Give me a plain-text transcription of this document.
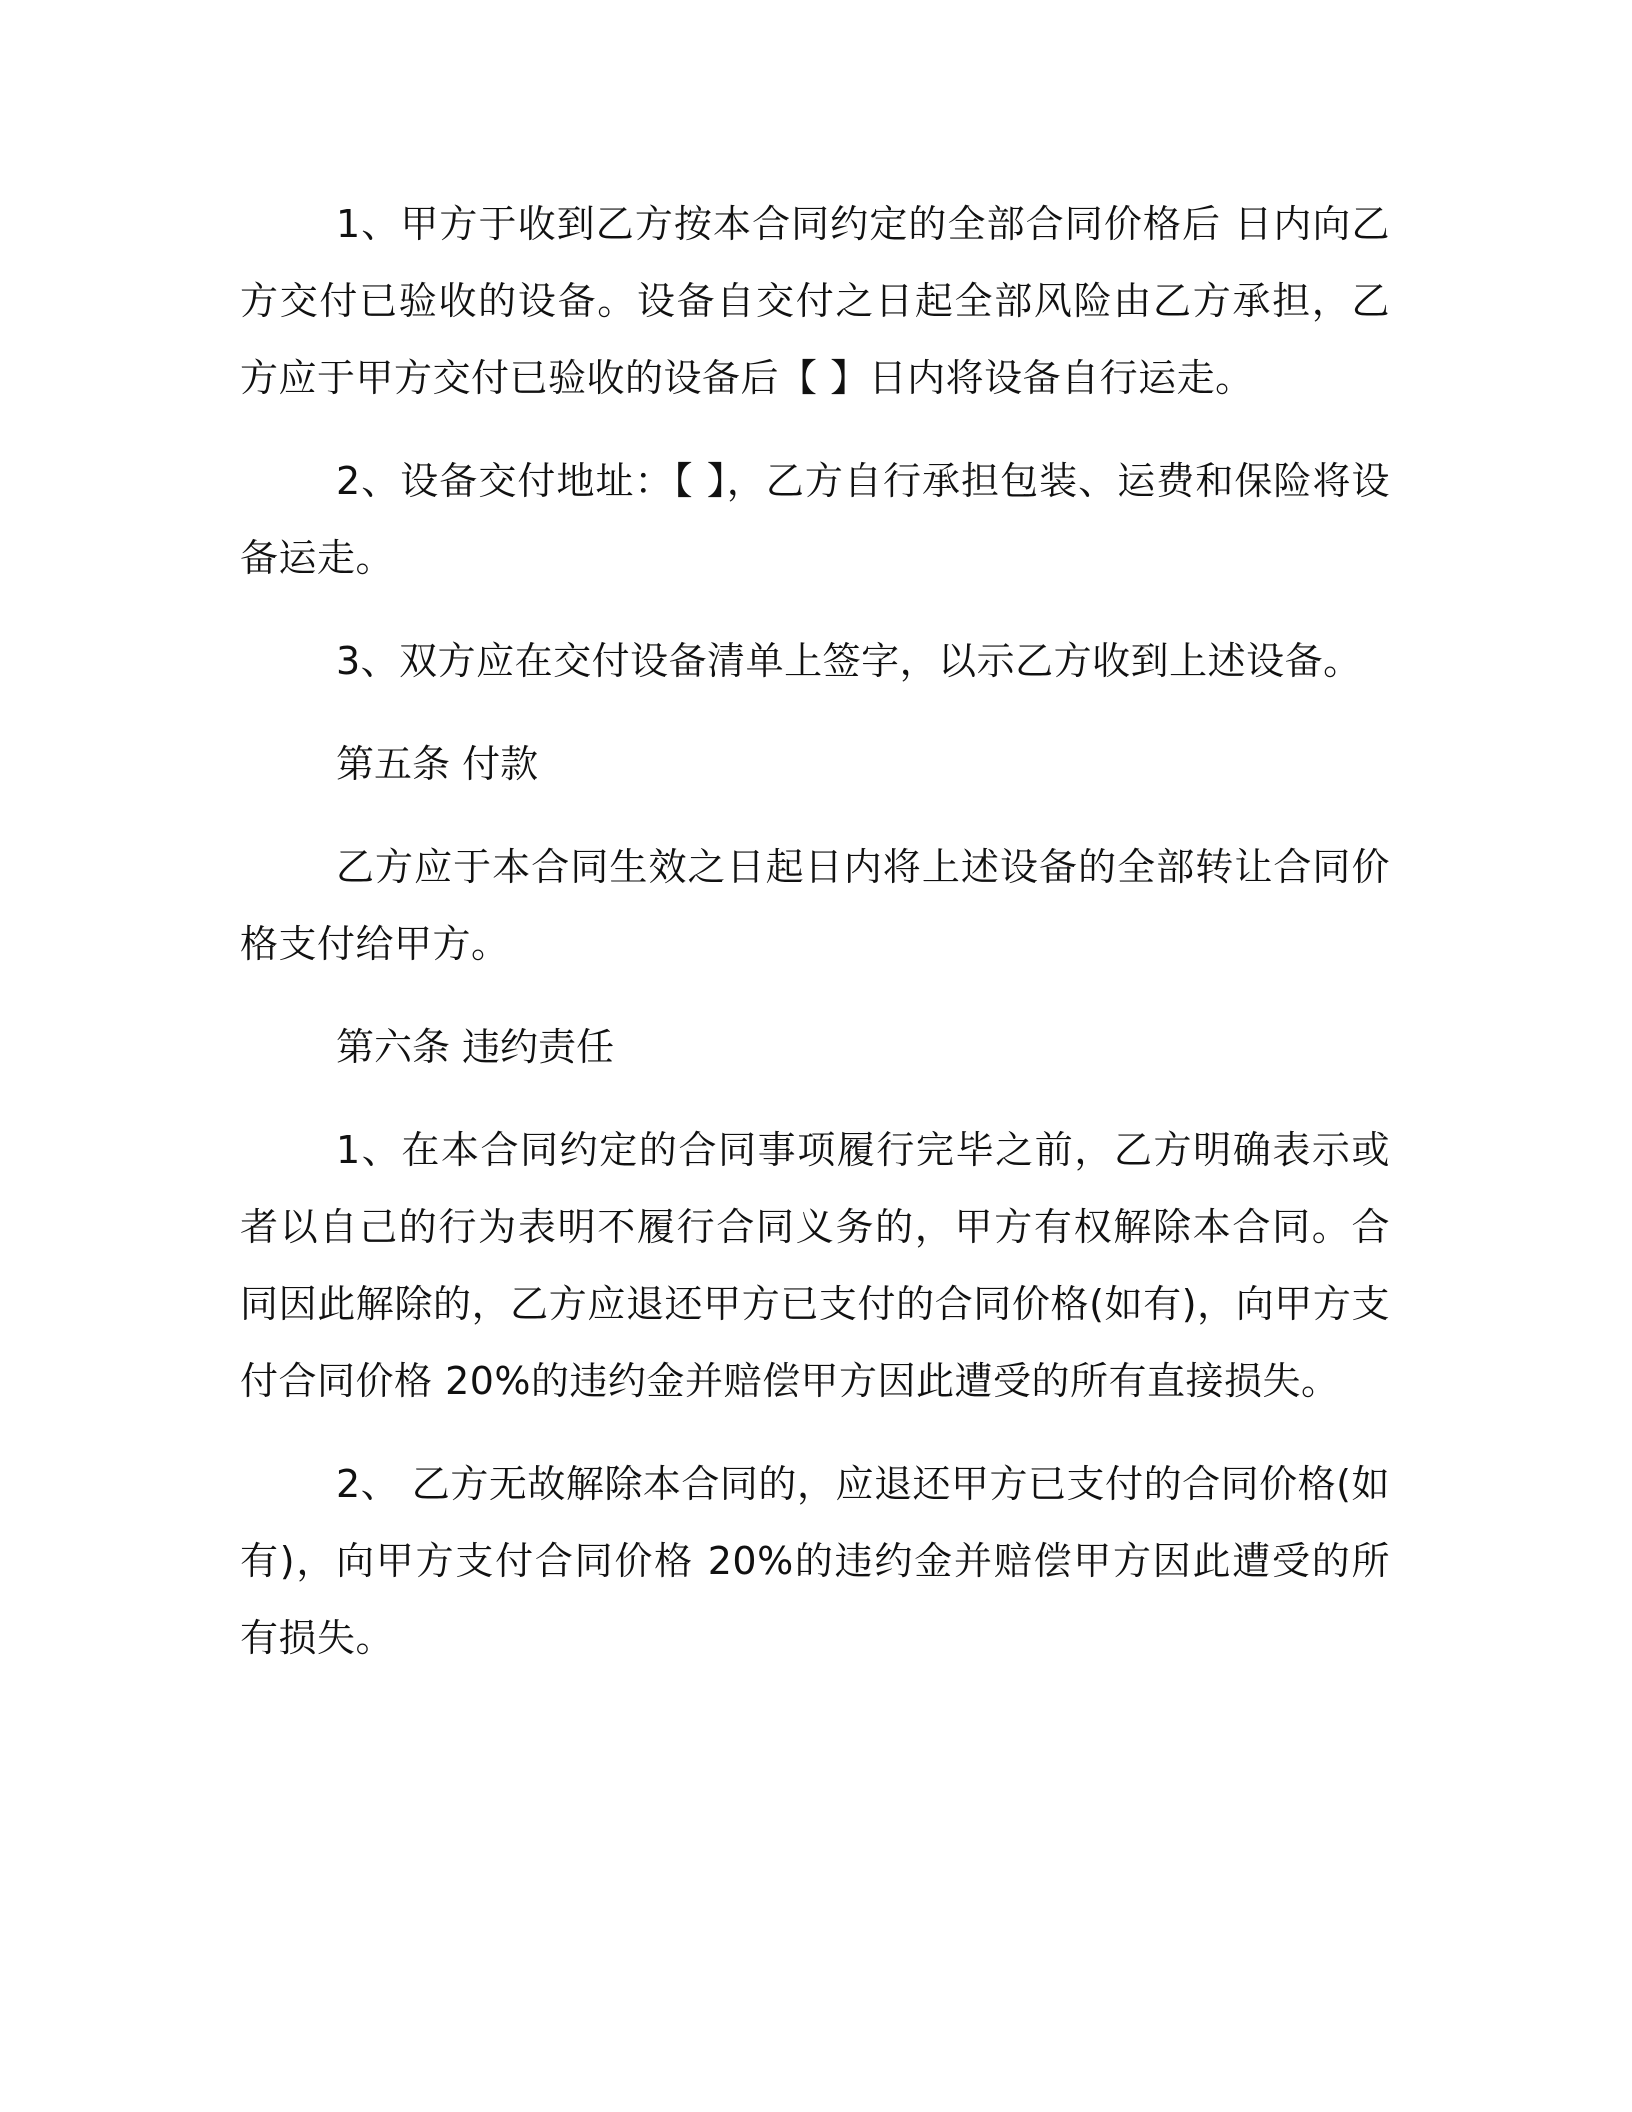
1、甲方于收到乙方按本合同约定的全部合同价格后 日内向乙方交付已验收的设备。设备自交付之日起全部风险由乙方承担，乙方应于甲方交付已验收的设备后【 】日内将设备自行运走。

2、设备交付地址：【 】，乙方自行承担包装、运费和保险将设备运走。

3、双方应在交付设备清单上签字，以示乙方收到上述设备。

第五条 付款

乙方应于本合同生效之日起日内将上述设备的全部转让合同价格支付给甲方。

第六条 违约责任

1、在本合同约定的合同事项履行完毕之前，乙方明确表示或者以自己的行为表明不履行合同义务的，甲方有权解除本合同。合同因此解除的，乙方应退还甲方已支付的合同价格(如有)，向甲方支付合同价格 20%的违约金并赔偿甲方因此遭受的所有直接损失。

2、 乙方无故解除本合同的，应退还甲方已支付的合同价格(如有)，向甲方支付合同价格 20%的违约金并赔偿甲方因此遭受的所有损失。
